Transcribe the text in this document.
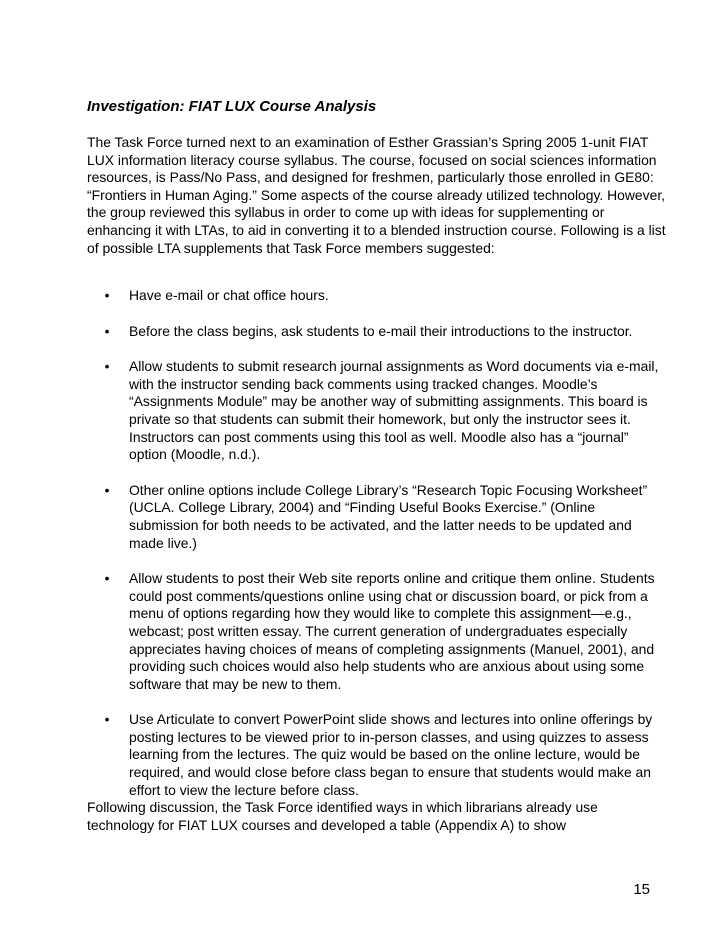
Investigation: FIAT LUX Course Analysis

The Task Force turned next to an examination of Esther Grassian’s Spring 2005 1-unit FIAT LUX information literacy course syllabus. The course, focused on social sciences information resources, is Pass/No Pass, and designed for freshmen, particularly those enrolled in GE80: “Frontiers in Human Aging.” Some aspects of the course already utilized technology. However, the group reviewed this syllabus in order to come up with ideas for supplementing or enhancing it with LTAs, to aid in converting it to a blended instruction course. Following is a list of possible LTA supplements that Task Force members suggested:

• Have e-mail or chat office hours.
• Before the class begins, ask students to e-mail their introductions to the instructor.
• Allow students to submit research journal assignments as Word documents via e-mail, with the instructor sending back comments using tracked changes. Moodle’s “Assignments Module” may be another way of submitting assignments. This board is private so that students can submit their homework, but only the instructor sees it. Instructors can post comments using this tool as well. Moodle also has a “journal” option (Moodle, n.d.).
• Other online options include College Library’s “Research Topic Focusing Worksheet” (UCLA. College Library, 2004) and “Finding Useful Books Exercise.” (Online submission for both needs to be activated, and the latter needs to be updated and made live.)
• Allow students to post their Web site reports online and critique them online. Students could post comments/questions online using chat or discussion board, or pick from a menu of options regarding how they would like to complete this assignment—e.g., webcast; post written essay. The current generation of undergraduates especially appreciates having choices of means of completing assignments (Manuel, 2001), and providing such choices would also help students who are anxious about using some software that may be new to them.
• Use Articulate to convert PowerPoint slide shows and lectures into online offerings by posting lectures to be viewed prior to in-person classes, and using quizzes to assess learning from the lectures. The quiz would be based on the online lecture, would be required, and would close before class began to ensure that students would make an effort to view the lecture before class.

Following discussion, the Task Force identified ways in which librarians already use technology for FIAT LUX courses and developed a table (Appendix A) to show

15
